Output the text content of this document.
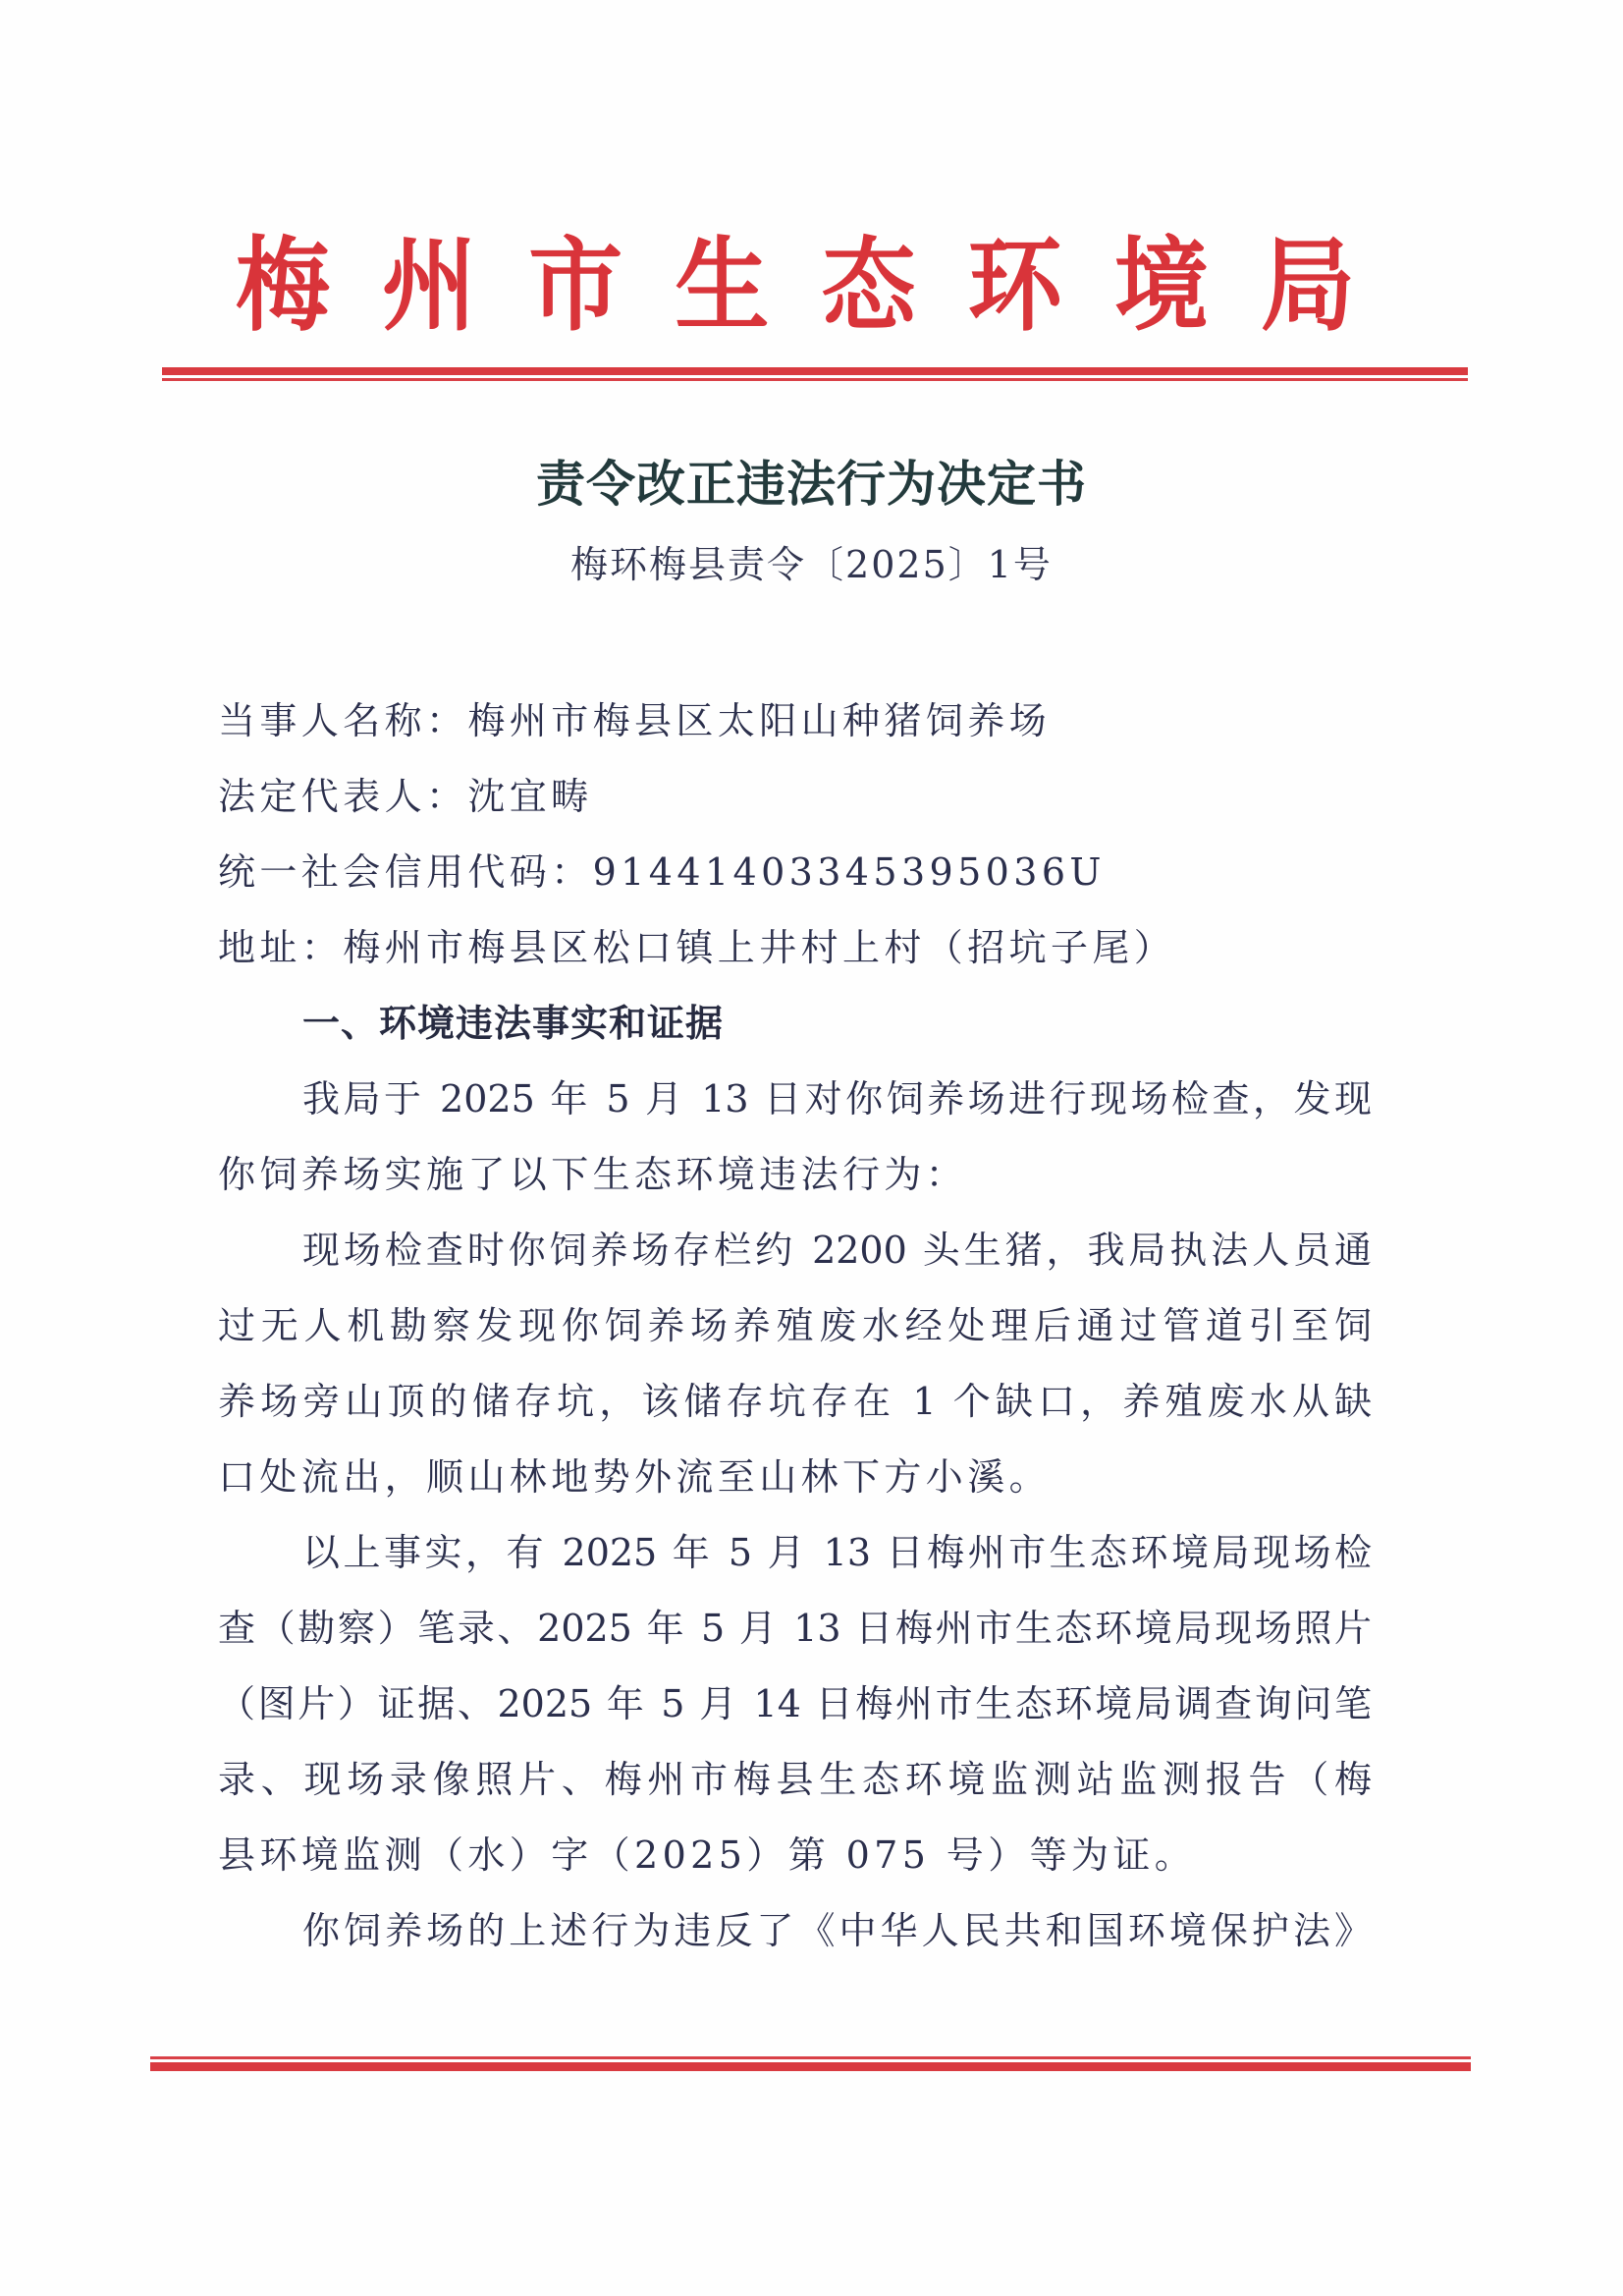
梅 州 市 生 态 环 境 局
责令改正违法行为决定书
梅环梅县责令〔2025〕1号
当事人名称：梅州市梅县区太阳山种猪饲养场
法定代表人：沈宜畴
统一社会信用代码：91441403345395036U
地址：梅州市梅县区松口镇上井村上村（招坑子尾）
一、环境违法事实和证据
我局于 2025 年 5 月 13 日对你饲养场进行现场检查，发现
你饲养场实施了以下生态环境违法行为：
现场检查时你饲养场存栏约 2200 头生猪，我局执法人员通
过无人机勘察发现你饲养场养殖废水经处理后通过管道引至饲
养场旁山顶的储存坑，该储存坑存在 1 个缺口，养殖废水从缺
口处流出，顺山林地势外流至山林下方小溪。
以上事实，有 2025 年 5 月 13 日梅州市生态环境局现场检
查（勘察）笔录、2025 年 5 月 13 日梅州市生态环境局现场照片
（图片）证据、2025 年 5 月 14 日梅州市生态环境局调查询问笔
录、现场录像照片、梅州市梅县生态环境监测站监测报告（梅
县环境监测（水）字（2025）第 075 号）等为证。
你饲养场的上述行为违反了《中华人民共和国环境保护法》
